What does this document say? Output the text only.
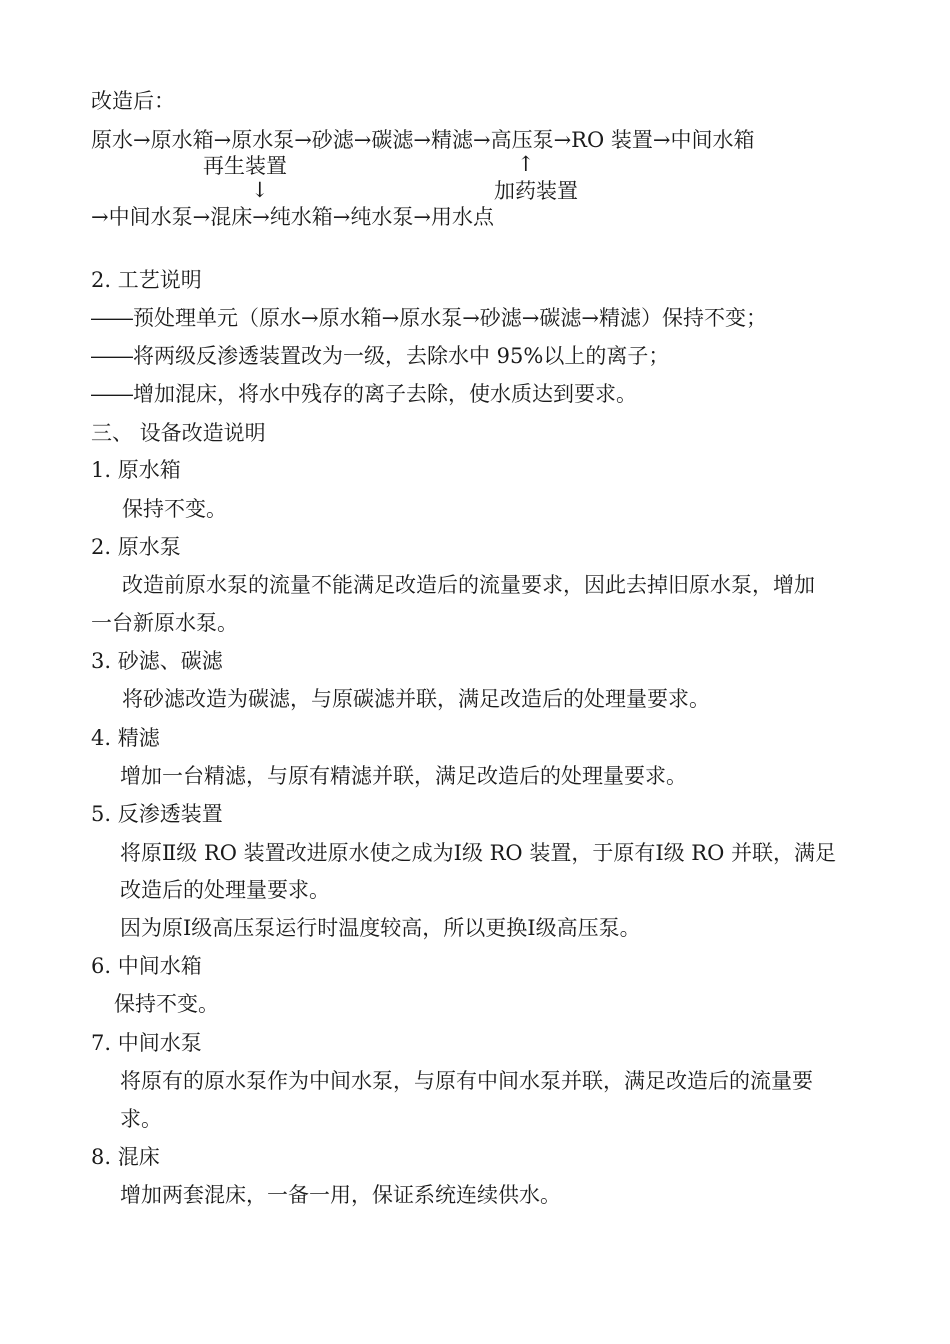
改造后：
原水→原水箱→原水泵→砂滤→碳滤→精滤→高压泵→RO 装置→中间水箱
再生装置	↑
↓	加药装置
→中间水泵→混床→纯水箱→纯水泵→用水点
2. 工艺说明
――预处理单元（原水→原水箱→原水泵→砂滤→碳滤→精滤）保持不变；
――将两级反渗透装置改为一级，去除水中 95%以上的离子；
――增加混床，将水中残存的离子去除，使水质达到要求。
三、 设备改造说明
1. 原水箱
保持不变。
2. 原水泵
改造前原水泵的流量不能满足改造后的流量要求，因此去掉旧原水泵，增加
一台新原水泵。
3. 砂滤、碳滤
将砂滤改造为碳滤，与原碳滤并联，满足改造后的处理量要求。
4. 精滤
增加一台精滤，与原有精滤并联，满足改造后的处理量要求。
5. 反渗透装置
将原Ⅱ级 RO 装置改进原水使之成为Ⅰ级 RO 装置，于原有Ⅰ级 RO 并联，满足
改造后的处理量要求。
因为原Ⅰ级高压泵运行时温度较高，所以更换Ⅰ级高压泵。
6. 中间水箱
保持不变。
7. 中间水泵
将原有的原水泵作为中间水泵，与原有中间水泵并联，满足改造后的流量要
求。
8. 混床
增加两套混床，一备一用，保证系统连续供水。
